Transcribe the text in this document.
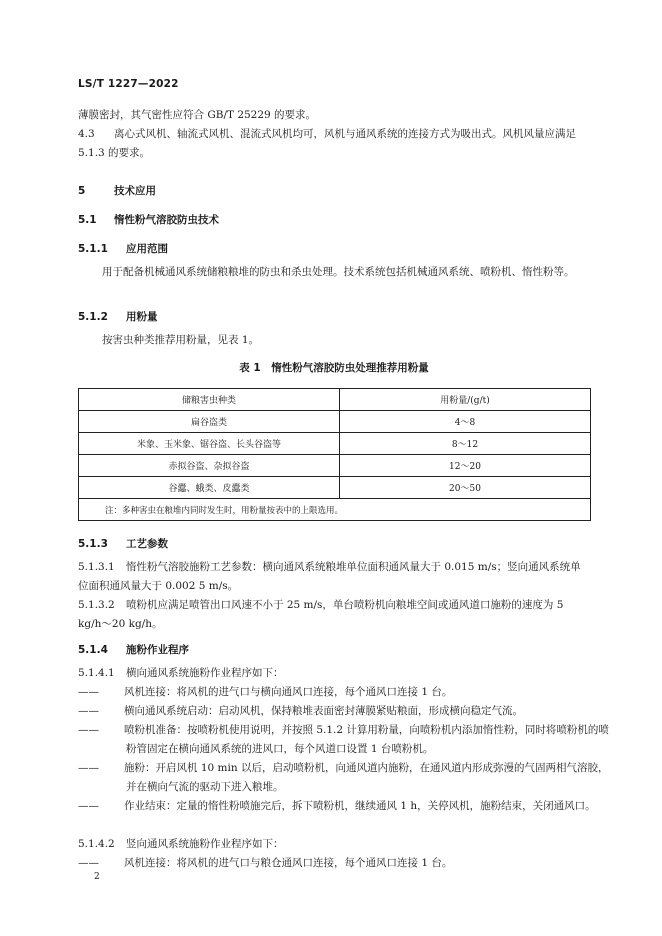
LS/T 1227—2022
薄膜密封，其气密性应符合 GB/T 25229 的要求。
4.3 离心式风机、轴流式风机、混流式风机均可，风机与通风系统的连接方式为吸出式。风机风量应满足 5.1.3 的要求。
5	技术应用
5.1 惰性粉气溶胶防虫技术
5.1.1 应用范围
用于配备机械通风系统储粮粮堆的防虫和杀虫处理。技术系统包括机械通风系统、喷粉机、惰性粉等。
5.1.2 用粉量
按害虫种类推荐用粉量，见表 1。
表 1　惰性粉气溶胶防虫处理推荐用粉量
储粮害虫种类	用粉量/(g/t)
扁谷盗类	4～8
米象、玉米象、锯谷盗、长头谷盗等	8～12
赤拟谷盗、杂拟谷盗	12～20
谷蠹、蛾类、皮蠹类	20～50
注：多种害虫在粮堆内同时发生时，用粉量按表中的上限选用。	
5.1.3 工艺参数
5.1.3.1 惰性粉气溶胶施粉工艺参数：横向通风系统粮堆单位面积通风量大于 0.015 m/s；竖向通风系统单位面积通风量大于 0.002 5 m/s。
5.1.3.2 喷粉机应满足喷管出口风速不小于 25 m/s，单台喷粉机向粮堆空间或通风道口施粉的速度为 5 kg/h～20 kg/h。
5.1.4 施粉作业程序
5.1.4.1 横向通风系统施粉作业程序如下：
—— 风机连接：将风机的进气口与横向通风口连接，每个通风口连接 1 台。
—— 横向通风系统启动：启动风机，保持粮堆表面密封薄膜紧贴粮面，形成横向稳定气流。
—— 喷粉机准备：按喷粉机使用说明，并按照 5.1.2 计算用粉量，向喷粉机内添加惰性粉，同时将喷粉机的喷粉管固定在横向通风系统的进风口，每个风道口设置 1 台喷粉机。
—— 施粉：开启风机 10 min 以后，启动喷粉机，向通风道内施粉，在通风道内形成弥漫的气固两相气溶胶，并在横向气流的驱动下进入粮堆。
—— 作业结束：定量的惰性粉喷施完后，拆下喷粉机，继续通风 1 h，关停风机，施粉结束，关闭通风口。
5.1.4.2 竖向通风系统施粉作业程序如下：
—— 风机连接：将风机的进气口与粮仓通风口连接，每个通风口连接 1 台。
2
